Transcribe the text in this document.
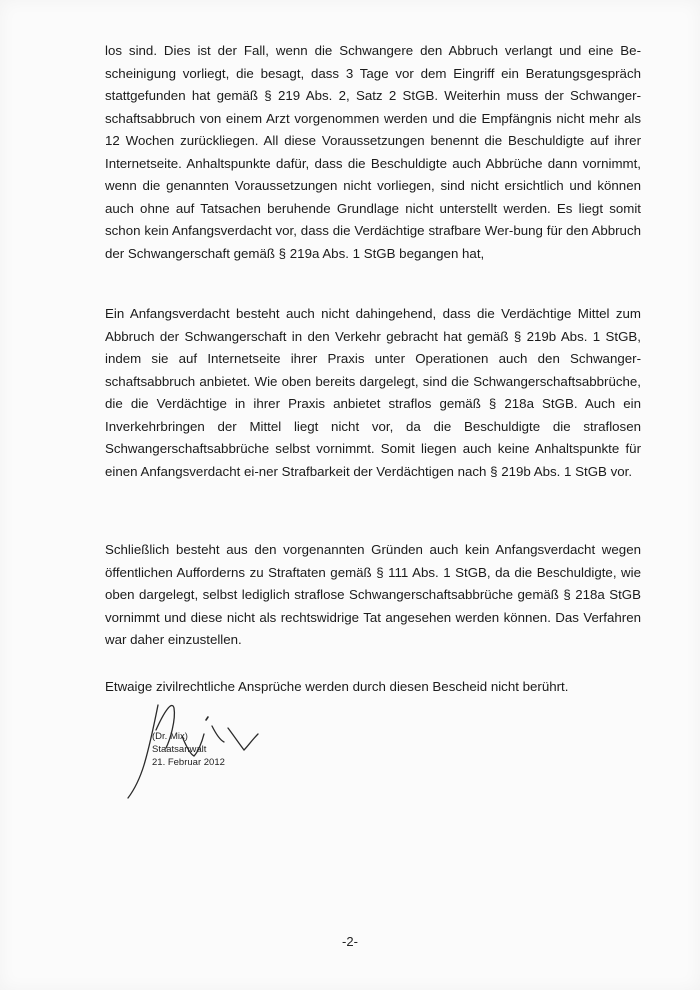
los sind. Dies ist der Fall, wenn die Schwangere den Abbruch verlangt und eine Be-scheinigung vorliegt, die besagt, dass 3 Tage vor dem Eingriff ein Beratungsgespräch stattgefunden hat gemäß § 219 Abs. 2, Satz 2 StGB. Weiterhin muss der Schwanger-schaftsabbruch von einem Arzt vorgenommen werden und die Empfängnis nicht mehr als 12 Wochen zurückliegen. All diese Voraussetzungen benennt die Beschuldigte auf ihrer Internetseite. Anhaltspunkte dafür, dass die Beschuldigte auch Abbrüche dann vornimmt, wenn die genannten Voraussetzungen nicht vorliegen, sind nicht ersichtlich und können auch ohne auf Tatsachen beruhende Grundlage nicht unterstellt werden. Es liegt somit schon kein Anfangsverdacht vor, dass die Verdächtige strafbare Wer-bung für den Abbruch der Schwangerschaft gemäß § 219a Abs. 1 StGB begangen hat,

Ein Anfangsverdacht besteht auch nicht dahingehend, dass die Verdächtige Mittel zum Abbruch der Schwangerschaft in den Verkehr gebracht hat gemäß § 219b Abs. 1 StGB, indem sie auf Internetseite ihrer Praxis unter Operationen auch den Schwanger-schaftsabbruch anbietet. Wie oben bereits dargelegt, sind die Schwangerschaftsabbrüche, die die Verdächtige in ihrer Praxis anbietet straflos gemäß § 218a StGB. Auch ein Inverkehrbringen der Mittel liegt nicht vor, da die Beschuldigte die straflosen Schwangerschaftsabbrüche selbst vornimmt. Somit liegen auch keine Anhaltspunkte für einen Anfangsverdacht ei-ner Strafbarkeit der Verdächtigen nach § 219b Abs. 1 StGB vor.

Schließlich besteht aus den vorgenannten Gründen auch kein Anfangsverdacht wegen öffentlichen Aufforderns zu Straftaten gemäß § 111 Abs. 1 StGB, da die Beschuldigte, wie oben dargelegt, selbst lediglich straflose Schwangerschaftsabbrüche gemäß § 218a StGB vornimmt und diese nicht als rechtswidrige Tat angesehen werden können. Das Verfahren war daher einzustellen.

Etwaige zivilrechtliche Ansprüche werden durch diesen Bescheid nicht berührt.

(Dr. Mix)
Staatsanwalt
21. Februar 2012
-2-
